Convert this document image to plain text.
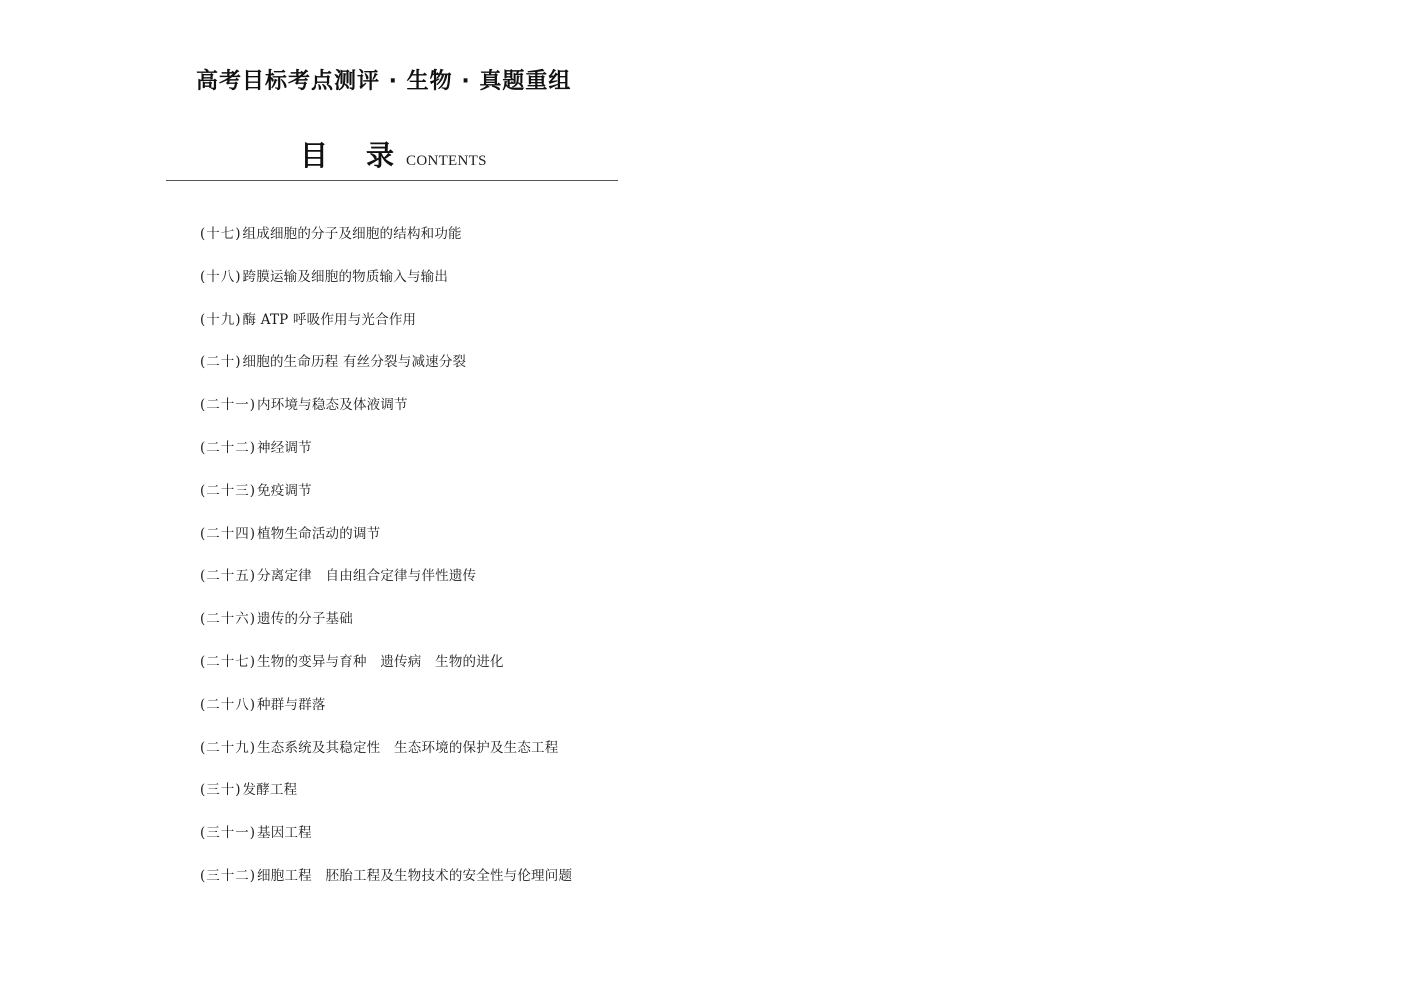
高考目标考点测评 · 生物 · 真题重组
目　录 CONTENTS
(十七) 组成细胞的分子及细胞的结构和功能
(十八) 跨膜运输及细胞的物质输入与输出
(十九) 酶 ATP 呼吸作用与光合作用
(二十) 细胞的生命历程 有丝分裂与减速分裂
(二十一) 内环境与稳态及体液调节
(二十二) 神经调节
(二十三) 免疫调节
(二十四) 植物生命活动的调节
(二十五) 分离定律　自由组合定律与伴性遗传
(二十六) 遗传的分子基础
(二十七) 生物的变异与育种　遗传病　生物的进化
(二十八) 种群与群落
(二十九) 生态系统及其稳定性　生态环境的保护及生态工程
(三十) 发酵工程
(三十一) 基因工程
(三十二) 细胞工程　胚胎工程及生物技术的安全性与伦理问题
